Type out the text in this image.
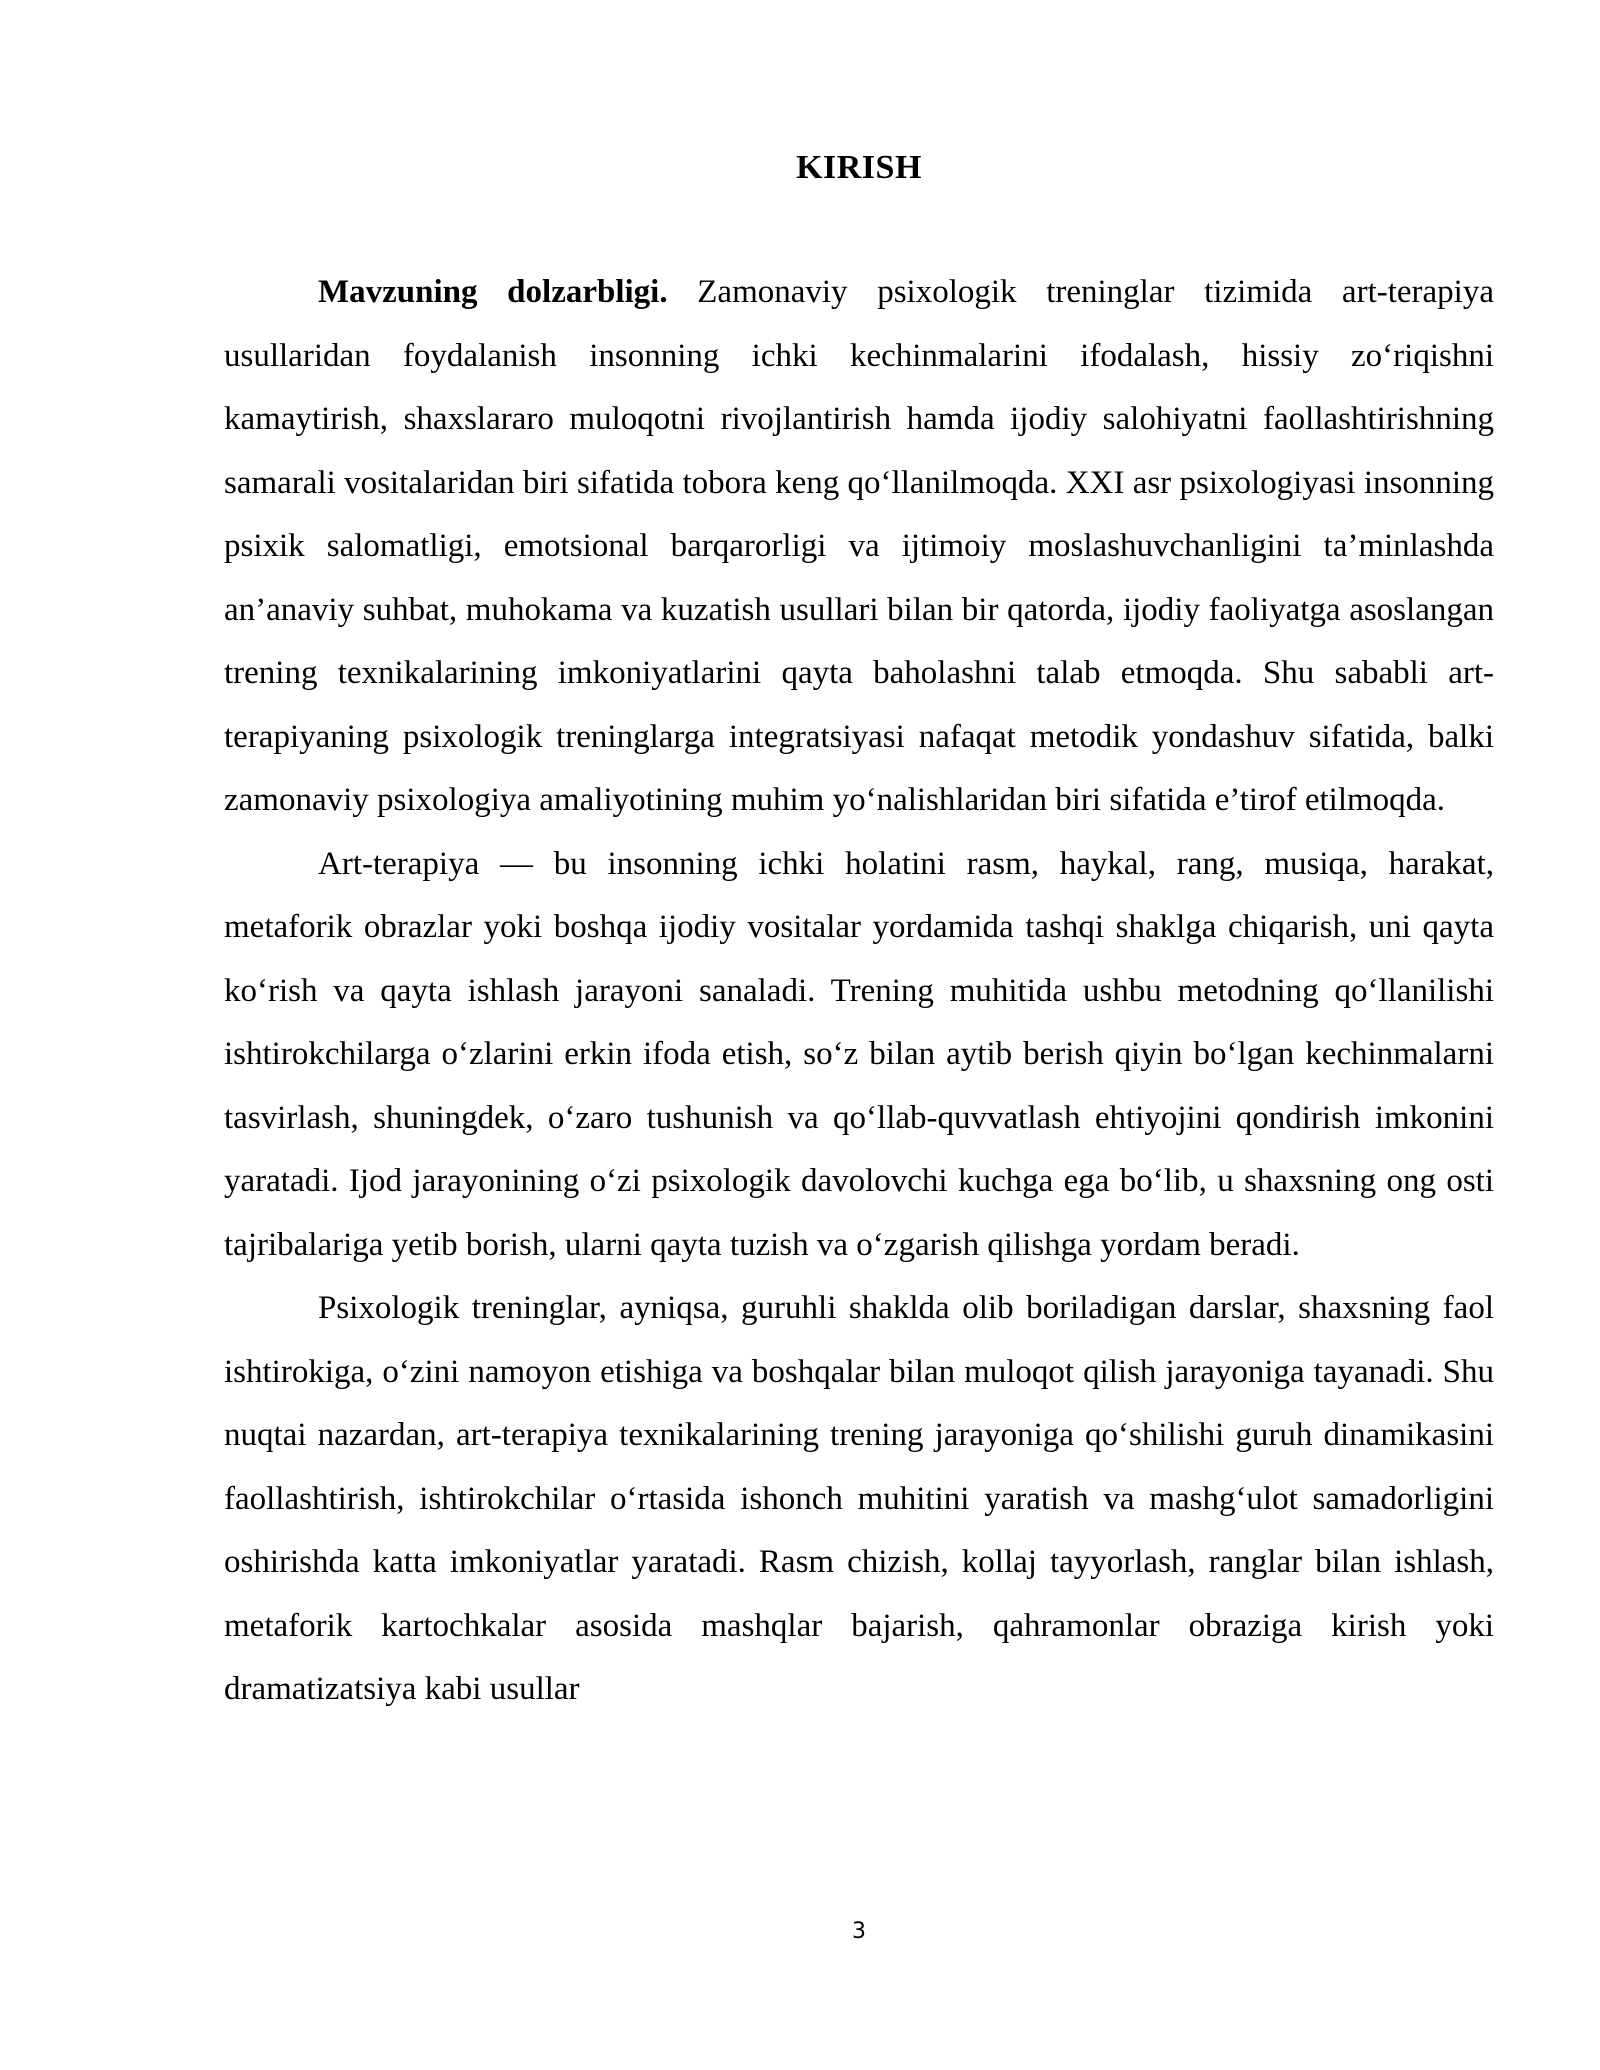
KIRISH

Mavzuning dolzarbligi. Zamonaviy psixologik treninglar tizimida art-terapiya usullaridan foydalanish insonning ichki kechinmalarini ifodalash, hissiy zo‘riqishni kamaytirish, shaxslararo muloqotni rivojlantirish hamda ijodiy salohiyatni faollashtirishning samarali vositalaridan biri sifatida tobora keng qo‘llanilmoqda. XXI asr psixologiyasi insonning psixik salomatligi, emotsional barqarorligi va ijtimoiy moslashuvchanligini ta’minlashda an’anaviy suhbat, muhokama va kuzatish usullari bilan bir qatorda, ijodiy faoliyatga asoslangan trening texnikalarining imkoniyatlarini qayta baholashni talab etmoqda. Shu sababli art-terapiyaning psixologik treninglarga integratsiyasi nafaqat metodik yondashuv sifatida, balki zamonaviy psixologiya amaliyotining muhim yo‘nalishlaridan biri sifatida e’tirof etilmoqda.

Art-terapiya — bu insonning ichki holatini rasm, haykal, rang, musiqa, harakat, metaforik obrazlar yoki boshqa ijodiy vositalar yordamida tashqi shaklga chiqarish, uni qayta ko‘rish va qayta ishlash jarayoni sanaladi. Trening muhitida ushbu metodning qo‘llanilishi ishtirokchilarga o‘zlarini erkin ifoda etish, so‘z bilan aytib berish qiyin bo‘lgan kechinmalarni tasvirlash, shuningdek, o‘zaro tushunish va qo‘llab-quvvatlash ehtiyojini qondirish imkonini yaratadi. Ijod jarayonining o‘zi psixologik davolovchi kuchga ega bo‘lib, u shaxsning ong osti tajribalariga yetib borish, ularni qayta tuzish va o‘zgarish qilishga yordam beradi.

Psixologik treninglar, ayniqsa, guruhli shaklda olib boriladigan darslar, shaxsning faol ishtirokiga, o‘zini namoyon etishiga va boshqalar bilan muloqot qilish jarayoniga tayanadi. Shu nuqtai nazardan, art-terapiya texnikalarining trening jarayoniga qo‘shilishi guruh dinamikasini faollashtirish, ishtirokchilar o‘rtasida ishonch muhitini yaratish va mashg‘ulot samadorligini oshirishda katta imkoniyatlar yaratadi. Rasm chizish, kollaj tayyorlash, ranglar bilan ishlash, metaforik kartochkalar asosida mashqlar bajarish, qahramonlar obraziga kirish yoki dramatizatsiya kabi usullar

3
